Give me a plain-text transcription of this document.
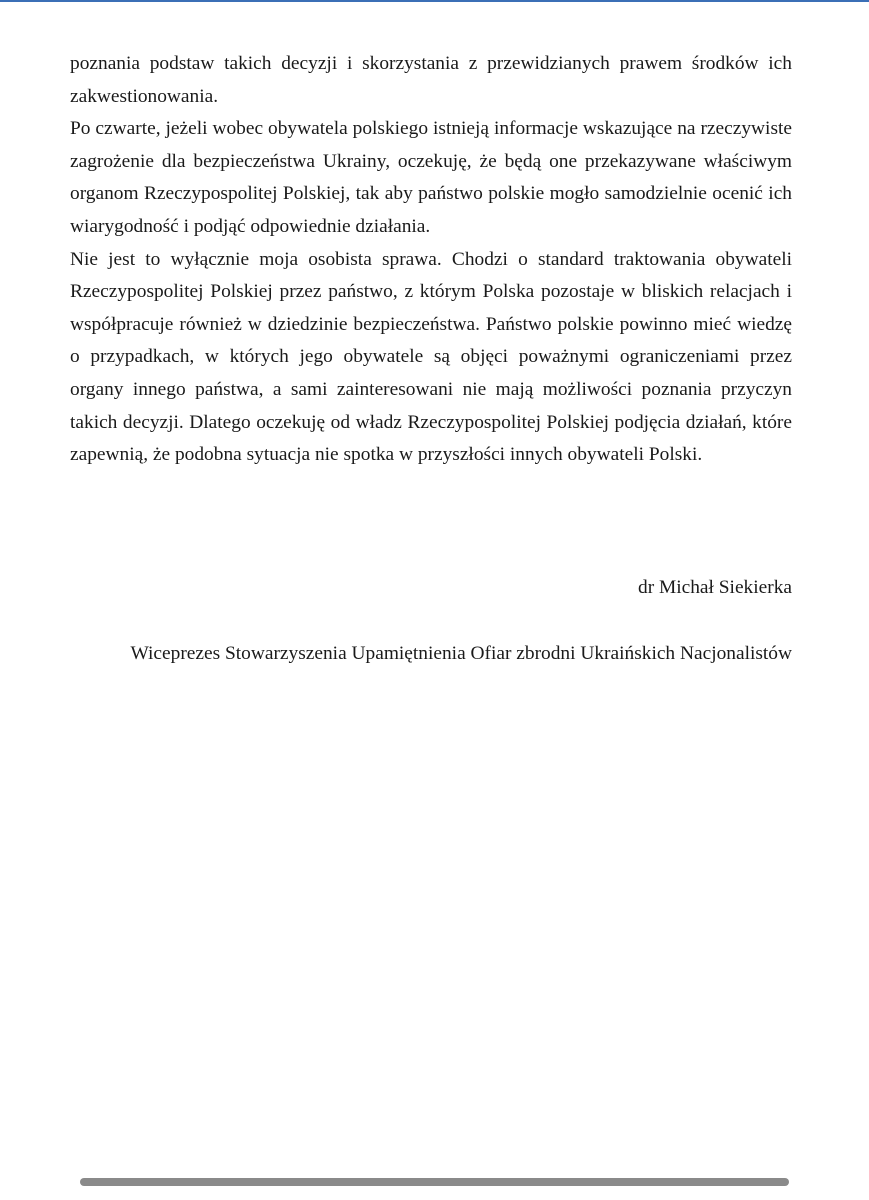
poznania podstaw takich decyzji i skorzystania z przewidzianych prawem środków ich zakwestionowania.

Po czwarte, jeżeli wobec obywatela polskiego istnieją informacje wskazujące na rzeczywiste zagrożenie dla bezpieczeństwa Ukrainy, oczekuję, że będą one przekazywane właściwym organom Rzeczypospolitej Polskiej, tak aby państwo polskie mogło samodzielnie ocenić ich wiarygodność i podjąć odpowiednie działania.

Nie jest to wyłącznie moja osobista sprawa. Chodzi o standard traktowania obywateli Rzeczypospolitej Polskiej przez państwo, z którym Polska pozostaje w bliskich relacjach i współpracuje również w dziedzinie bezpieczeństwa. Państwo polskie powinno mieć wiedzę o przypadkach, w których jego obywatele są objęci poważnymi ograniczeniami przez organy innego państwa, a sami zainteresowani nie mają możliwości poznania przyczyn takich decyzji. Dlatego oczekuję od władz Rzeczypospolitej Polskiej podjęcia działań, które zapewnią, że podobna sytuacja nie spotka w przyszłości innych obywateli Polski.

dr Michał Siekierka
Wiceprezes Stowarzyszenia Upamiętnienia Ofiar zbrodni Ukraińskich Nacjonalistów
